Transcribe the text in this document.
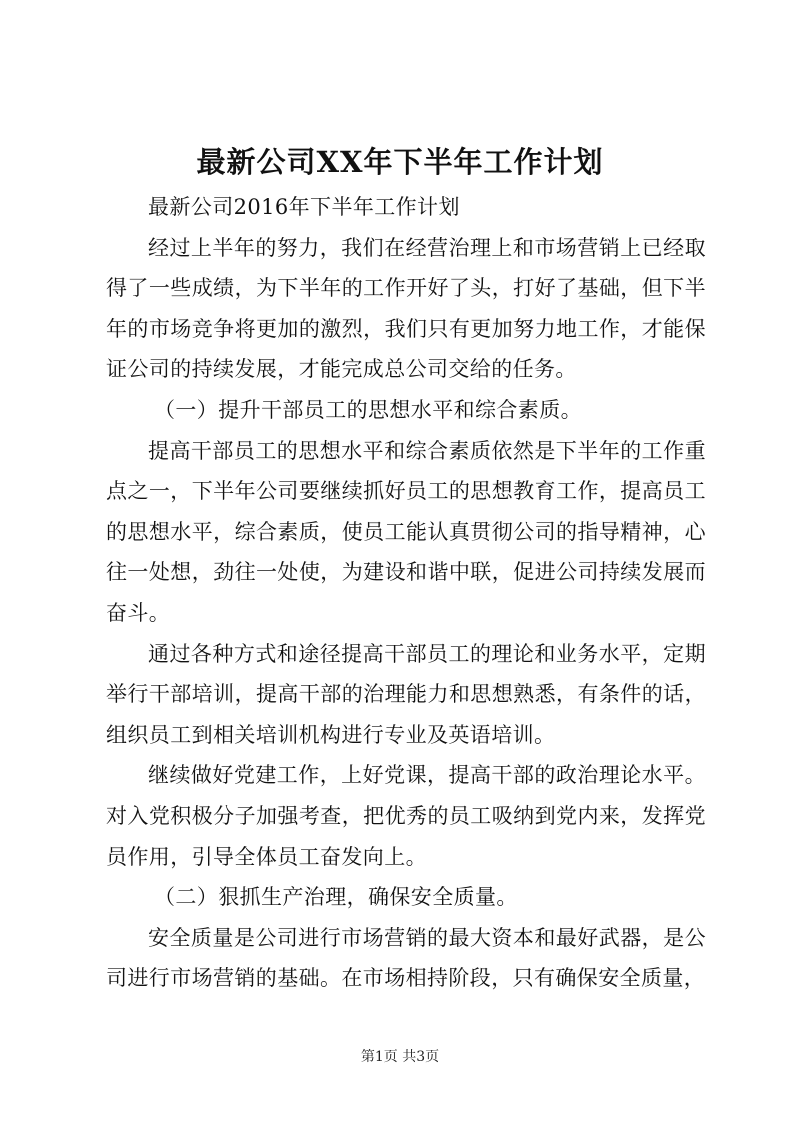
最新公司XX年下半年工作计划

最新公司2016年下半年工作计划

经过上半年的努力，我们在经营治理上和市场营销上已经取得了一些成绩，为下半年的工作开好了头，打好了基础，但下半年的市场竞争将更加的激烈，我们只有更加努力地工作，才能保证公司的持续发展，才能完成总公司交给的任务。

（一）提升干部员工的思想水平和综合素质。

提高干部员工的思想水平和综合素质依然是下半年的工作重点之一，下半年公司要继续抓好员工的思想教育工作，提高员工的思想水平，综合素质，使员工能认真贯彻公司的指导精神，心往一处想，劲往一处使，为建设和谐中联，促进公司持续发展而奋斗。

通过各种方式和途径提高干部员工的理论和业务水平，定期举行干部培训，提高干部的治理能力和思想熟悉，有条件的话，组织员工到相关培训机构进行专业及英语培训。

继续做好党建工作，上好党课，提高干部的政治理论水平。对入党积极分子加强考查，把优秀的员工吸纳到党内来，发挥党员作用，引导全体员工奋发向上。

（二）狠抓生产治理，确保安全质量。

安全质量是公司进行市场营销的最大资本和最好武器，是公司进行市场营销的基础。在市场相持阶段，只有确保安全质量，

第1页 共3页
